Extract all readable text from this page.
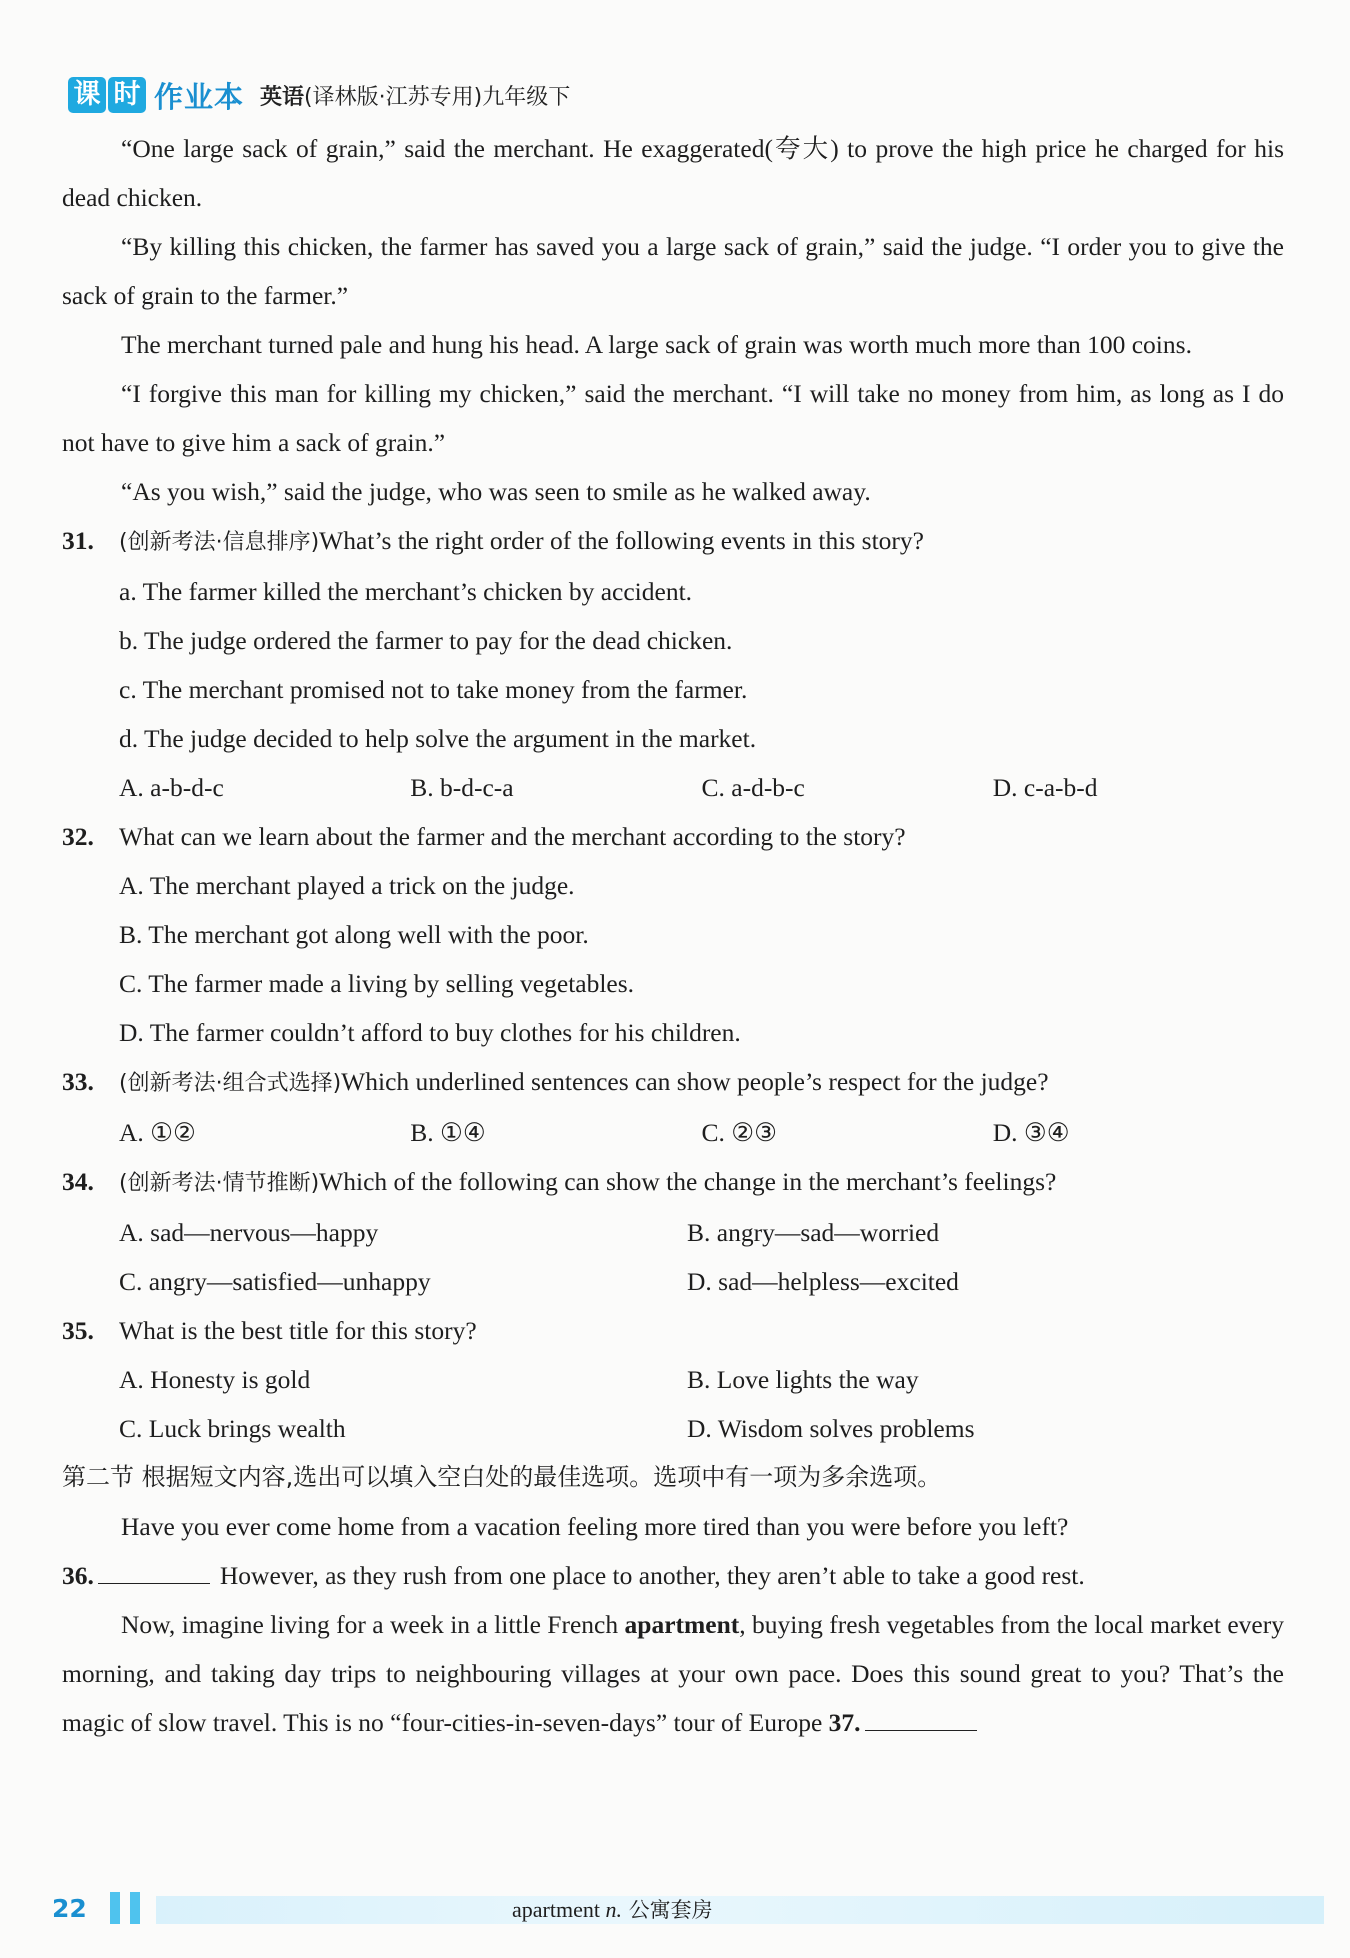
课 时 作业本 英语(译林版·江苏专用)九年级下

“One large sack of grain,” said the merchant. He exaggerated(夸大) to prove the high price he charged for his dead chicken.

“By killing this chicken, the farmer has saved you a large sack of grain,” said the judge. “I order you to give the sack of grain to the farmer.”

The merchant turned pale and hung his head. A large sack of grain was worth much more than 100 coins.

“I forgive this man for killing my chicken,” said the merchant. “I will take no money from him, as long as I do not have to give him a sack of grain.”

“As you wish,” said the judge, who was seen to smile as he walked away.

31. (创新考法·信息排序)What’s the right order of the following events in this story?

a. The farmer killed the merchant’s chicken by accident.

b. The judge ordered the farmer to pay for the dead chicken.

c. The merchant promised not to take money from the farmer.

d. The judge decided to help solve the argument in the market.

A. a-b-d-c	B. b-d-c-a	C. a-d-b-c	D. c-a-b-d

32. What can we learn about the farmer and the merchant according to the story?

A. The merchant played a trick on the judge.

B. The merchant got along well with the poor.

C. The farmer made a living by selling vegetables.

D. The farmer couldn’t afford to buy clothes for his children.

33. (创新考法·组合式选择)Which underlined sentences can show people’s respect for the judge?

A. ①②	B. ①④	C. ②③	D. ③④

34. (创新考法·情节推断)Which of the following can show the change in the merchant’s feelings?

A. sad—nervous—happy	B. angry—sad—worried
C. angry—satisfied—unhappy	D. sad—helpless—excited

35. What is the best title for this story?

A. Honesty is gold	B. Love lights the way
C. Luck brings wealth	D. Wisdom solves problems

第二节 根据短文内容,选出可以填入空白处的最佳选项。选项中有一项为多余选项。

Have you ever come home from a vacation feeling more tired than you were before you left?

36.	However, as they rush from one place to another, they aren’t able to take a good rest.

Now, imagine living for a week in a little French apartment, buying fresh vegetables from the local market every morning, and taking day trips to neighbouring villages at your own pace. Does this sound great to you? That’s the magic of slow travel. This is no “four-cities-in-seven-days” tour of Europe 37.

22	apartment n. 公寓套房
